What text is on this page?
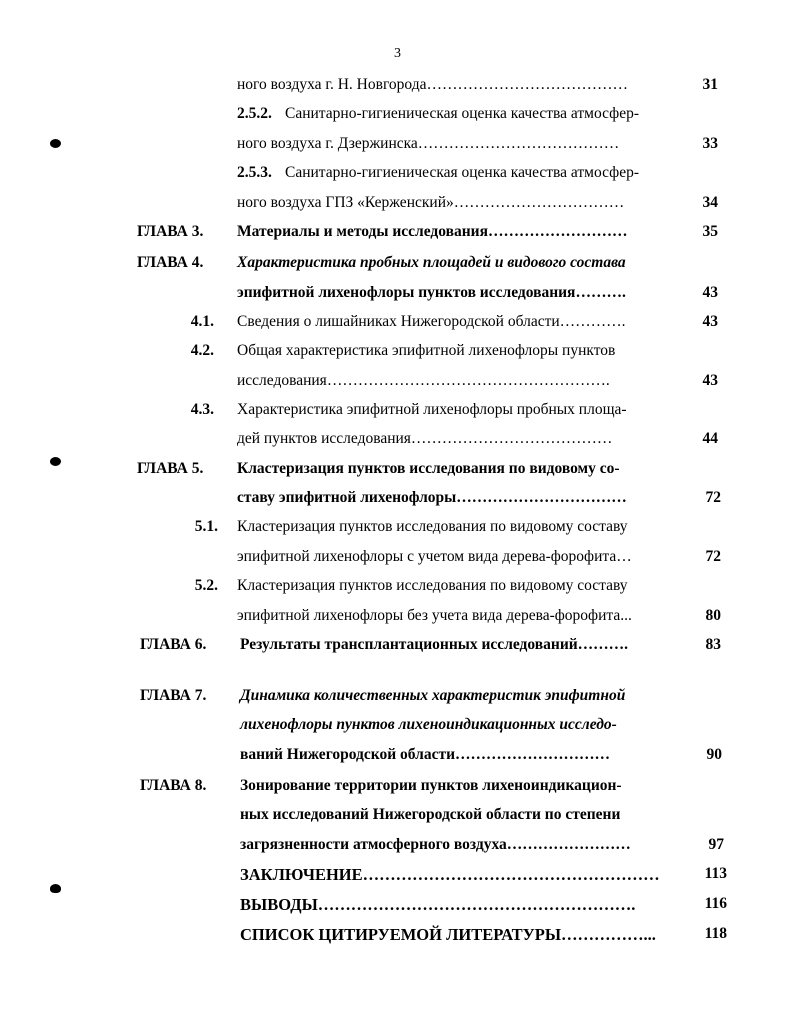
3
ного воздуха г. Н. Новгорода…………………………………	31
2.5.2. Санитарно-гигиеническая оценка качества атмосфер-
ного воздуха г. Дзержинска…………………………………	33
2.5.3. Санитарно-гигиеническая оценка качества атмосфер-
ного воздуха ГПЗ «Керженский»……………………………	34
ГЛАВА 3. Материалы и методы исследования………………………	35
ГЛАВА 4. Характеристика пробных площадей и видового состава
эпифитной лихенофлоры пунктов исследования……….	43
4.1. Сведения о лишайниках Нижегородской области………….	43
4.2. Общая характеристика эпифитной лихенофлоры пунктов
исследования……………………………………………….	43
4.3. Характеристика эпифитной лихенофлоры пробных площа-
дей пунктов исследования…………………………………	44
ГЛАВА 5. Кластеризация пунктов исследования по видовому со-
ставу эпифитной лихенофлоры……………………………	72
5.1. Кластеризация пунктов исследования по видовому составу
эпифитной лихенофлоры с учетом вида дерева-форофита…	72
5.2. Кластеризация пунктов исследования по видовому составу
эпифитной лихенофлоры без учета вида дерева-форофита...	80
ГЛАВА 6. Результаты трансплантационных исследований……….	83
ГЛАВА 7. Динамика количественных характеристик эпифитной
лихенофлоры пунктов лихеноиндикационных исследо-
ваний Нижегородской области…………………………	90
ГЛАВА 8. Зонирование территории пунктов лихеноиндикацион-
ных исследований Нижегородской области по степени
загрязненности атмосферного воздуха……………………	97
ЗАКЛЮЧЕНИЕ………………………………………………	113
ВЫВОДЫ………………………………………………….	116
СПИСОК ЦИТИРУЕМОЙ ЛИТЕРАТУРЫ……………...	118
